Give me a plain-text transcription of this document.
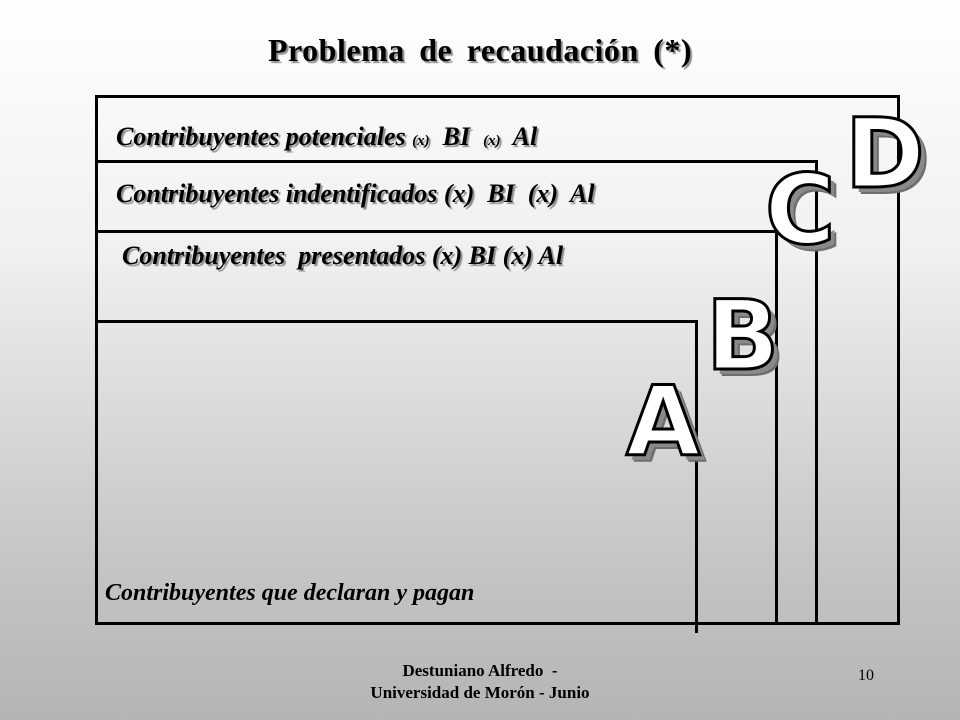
Problema de recaudación (*)
Contribuyentes potenciales (x) BI (x) Al
Contribuyentes indentificados (x)  BI  (x)  Al
Contribuyentes  presentados (x) BI (x) Al
Contribuyentes que declaran y pagan
D
C
B
A
Destuniano Alfredo  -
Universidad de Morón - Junio
10
